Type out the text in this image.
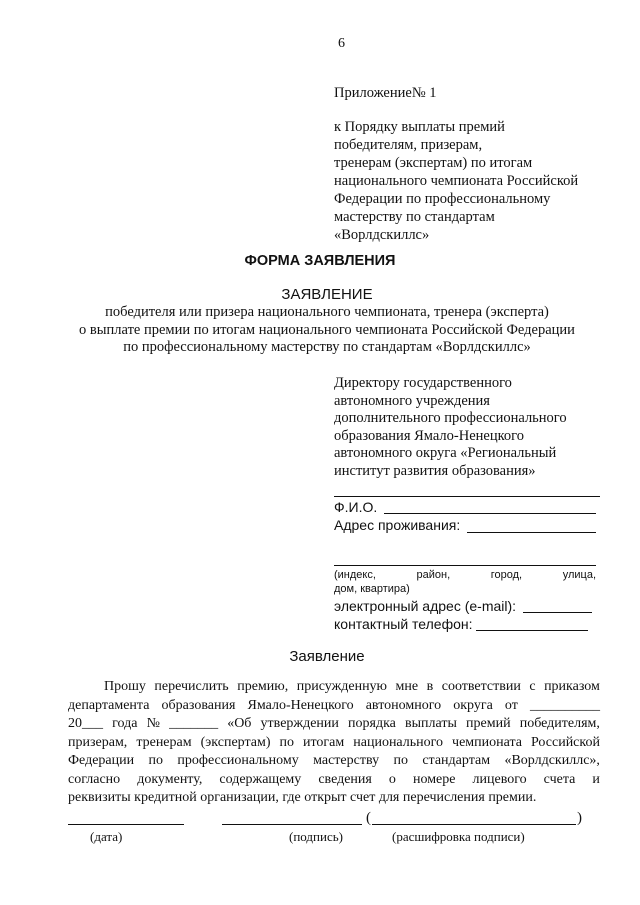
6
Приложение№ 1
к Порядку выплаты премий
победителям, призерам,
тренерам (экспертам) по итогам
национального чемпионата Российской
Федерации по профессиональному
мастерству по стандартам
«Ворлдскиллс»
ФОРМА ЗАЯВЛЕНИЯ
ЗАЯВЛЕНИЕ
победителя или призера национального чемпионата, тренера (эксперта)
о выплате премии по итогам национального чемпионата Российской Федерации
по профессиональному мастерству по стандартам «Ворлдскиллс»
Директору государственного
автономного учреждения
дополнительного профессионального
образования Ямало-Ненецкого
автономного округа «Региональный
институт развития образования»
Ф.И.О.
Адрес проживания:
(индекс,	район,	город,	улица,
дом, квартира)
электронный адрес (e-mail):
контактный телефон:
Заявление
Прошу перечислить премию, присужденную мне в соответствии с приказом
департамента образования Ямало-Ненецкого автономного округа от __________
20___ года № _______ «Об утверждении порядка выплаты премий победителям,
призерам, тренерам (экспертам) по итогам национального чемпионата Российской
Федерации по профессиональному мастерству по стандартам «Ворлдскиллс»,
согласно документу, содержащему сведения о номере лицевого счета и
реквизиты кредитной организации, где открыт счет для перечисления премии.
(	)
(дата)	(подпись)	(расшифровка подписи)
